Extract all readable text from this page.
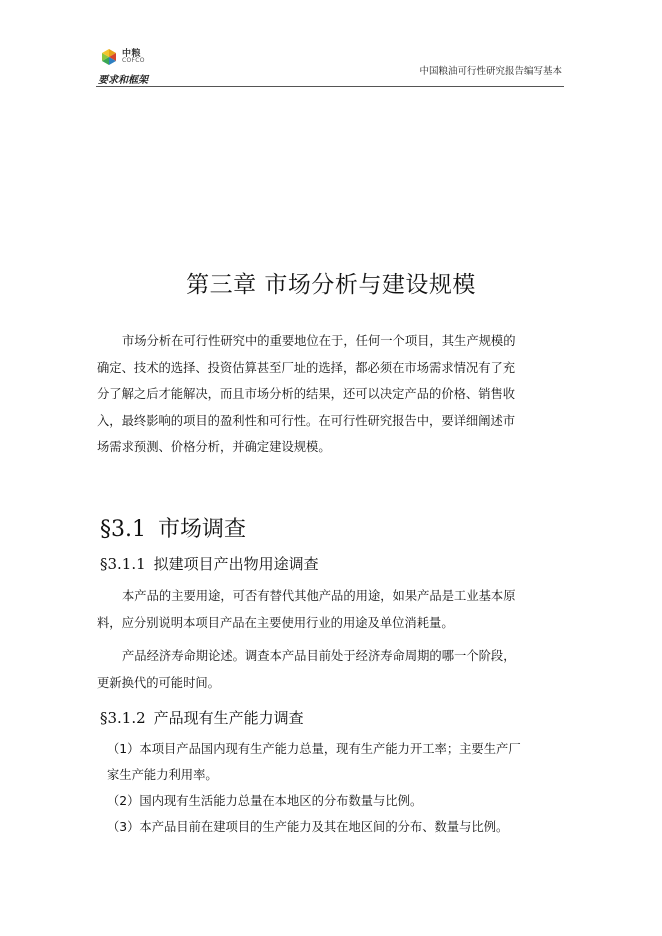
中粮
COFCO
要求和框架
中国粮油可行性研究报告编写基本
第三章 市场分析与建设规模
市场分析在可行性研究中的重要地位在于，任何一个项目，其生产规模的
确定、技术的选择、投资估算甚至厂址的选择，都必须在市场需求情况有了充
分了解之后才能解决，而且市场分析的结果，还可以决定产品的价格、销售收
入，最终影响的项目的盈利性和可行性。在可行性研究报告中，要详细阐述市
场需求预测、价格分析，并确定建设规模。
§3.1 市场调查
§3.1.1 拟建项目产出物用途调查
本产品的主要用途，可否有替代其他产品的用途，如果产品是工业基本原
料，应分别说明本项目产品在主要使用行业的用途及单位消耗量。
产品经济寿命期论述。调查本产品目前处于经济寿命周期的哪一个阶段，
更新换代的可能时间。
§3.1.2 产品现有生产能力调查
（1）本项目产品国内现有生产能力总量，现有生产能力开工率；主要生产厂
家生产能力利用率。
（2）国内现有生活能力总量在本地区的分布数量与比例。
（3）本产品目前在建项目的生产能力及其在地区间的分布、数量与比例。
